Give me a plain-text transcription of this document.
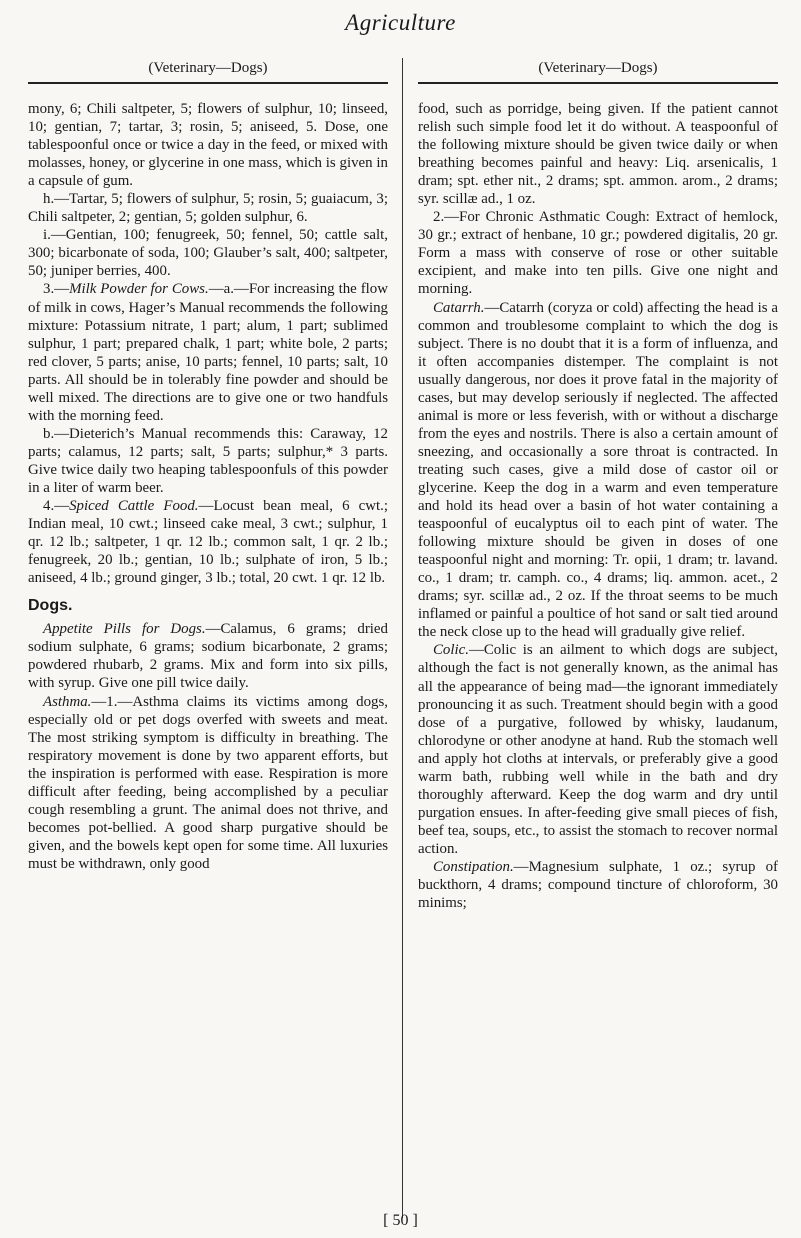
Agriculture
(Veterinary—Dogs)

mony, 6; Chili saltpeter, 5; flowers of sulphur, 10; linseed, 10; gentian, 7; tartar, 3; rosin, 5; aniseed, 5. Dose, one tablespoonful once or twice a day in the feed, or mixed with molasses, honey, or glycerine in one mass, which is given in a capsule of gum.

h.—Tartar, 5; flowers of sulphur, 5; rosin, 5; guaiacum, 3; Chili saltpeter, 2; gentian, 5; golden sulphur, 6.

i.—Gentian, 100; fenugreek, 50; fennel, 50; cattle salt, 300; bicarbonate of soda, 100; Glauber’s salt, 400; saltpeter, 50; juniper berries, 400.

3.—Milk Powder for Cows.—a.—For increasing the flow of milk in cows, Hager’s Manual recommends the following mixture: Potassium nitrate, 1 part; alum, 1 part; sublimed sulphur, 1 part; prepared chalk, 1 part; white bole, 2 parts; red clover, 5 parts; anise, 10 parts; fennel, 10 parts; salt, 10 parts. All should be in tolerably fine powder and should be well mixed. The directions are to give one or two handfuls with the morning feed.

b.—Dieterich’s Manual recommends this: Caraway, 12 parts; calamus, 12 parts; salt, 5 parts; sulphur,* 3 parts. Give twice daily two heaping tablespoonfuls of this powder in a liter of warm beer.

4.—Spiced Cattle Food.—Locust bean meal, 6 cwt.; Indian meal, 10 cwt.; linseed cake meal, 3 cwt.; sulphur, 1 qr. 12 lb.; saltpeter, 1 qr. 12 lb.; common salt, 1 qr. 2 lb.; fenugreek, 20 lb.; gentian, 10 lb.; sulphate of iron, 5 lb.; aniseed, 4 lb.; ground ginger, 3 lb.; total, 20 cwt. 1 qr. 12 lb.

Dogs.

Appetite Pills for Dogs.—Calamus, 6 grams; dried sodium sulphate, 6 grams; sodium bicarbonate, 2 grams; powdered rhubarb, 2 grams. Mix and form into six pills, with syrup. Give one pill twice daily.

Asthma.—1.—Asthma claims its victims among dogs, especially old or pet dogs overfed with sweets and meat. The most striking symptom is difficulty in breathing. The respiratory movement is done by two apparent efforts, but the inspiration is performed with ease. Respiration is more difficult after feeding, being accomplished by a peculiar cough resembling a grunt. The animal does not thrive, and becomes pot-bellied. A good sharp purgative should be given, and the bowels kept open for some time. All luxuries must be withdrawn, only good

(Veterinary—Dogs)

food, such as porridge, being given. If the patient cannot relish such simple food let it do without. A teaspoonful of the following mixture should be given twice daily or when breathing becomes painful and heavy: Liq. arsenicalis, 1 dram; spt. ether nit., 2 drams; spt. ammon. arom., 2 drams; syr. scillæ ad., 1 oz.

2.—For Chronic Asthmatic Cough: Extract of hemlock, 30 gr.; extract of henbane, 10 gr.; powdered digitalis, 20 gr. Form a mass with conserve of rose or other suitable excipient, and make into ten pills. Give one night and morning.

Catarrh.—Catarrh (coryza or cold) affecting the head is a common and troublesome complaint to which the dog is subject. There is no doubt that it is a form of influenza, and it often accompanies distemper. The complaint is not usually dangerous, nor does it prove fatal in the majority of cases, but may develop seriously if neglected. The affected animal is more or less feverish, with or without a discharge from the eyes and nostrils. There is also a certain amount of sneezing, and occasionally a sore throat is contracted. In treating such cases, give a mild dose of castor oil or glycerine. Keep the dog in a warm and even temperature and hold its head over a basin of hot water containing a teaspoonful of eucalyptus oil to each pint of water. The following mixture should be given in doses of one teaspoonful night and morning: Tr. opii, 1 dram; tr. lavand. co., 1 dram; tr. camph. co., 4 drams; liq. ammon. acet., 2 drams; syr. scillæ ad., 2 oz. If the throat seems to be much inflamed or painful a poultice of hot sand or salt tied around the neck close up to the head will gradually give relief.

Colic.—Colic is an ailment to which dogs are subject, although the fact is not generally known, as the animal has all the appearance of being mad—the ignorant immediately pronouncing it as such. Treatment should begin with a good dose of a purgative, followed by whisky, laudanum, chlorodyne or other anodyne at hand. Rub the stomach well and apply hot cloths at intervals, or preferably give a good warm bath, rubbing well while in the bath and dry thoroughly afterward. Keep the dog warm and dry until purgation ensues. In after-feeding give small pieces of fish, beef tea, soups, etc., to assist the stomach to recover normal action.

Constipation.—Magnesium sulphate, 1 oz.; syrup of buckthorn, 4 drams; compound tincture of chloroform, 30 minims;

[ 50 ]
